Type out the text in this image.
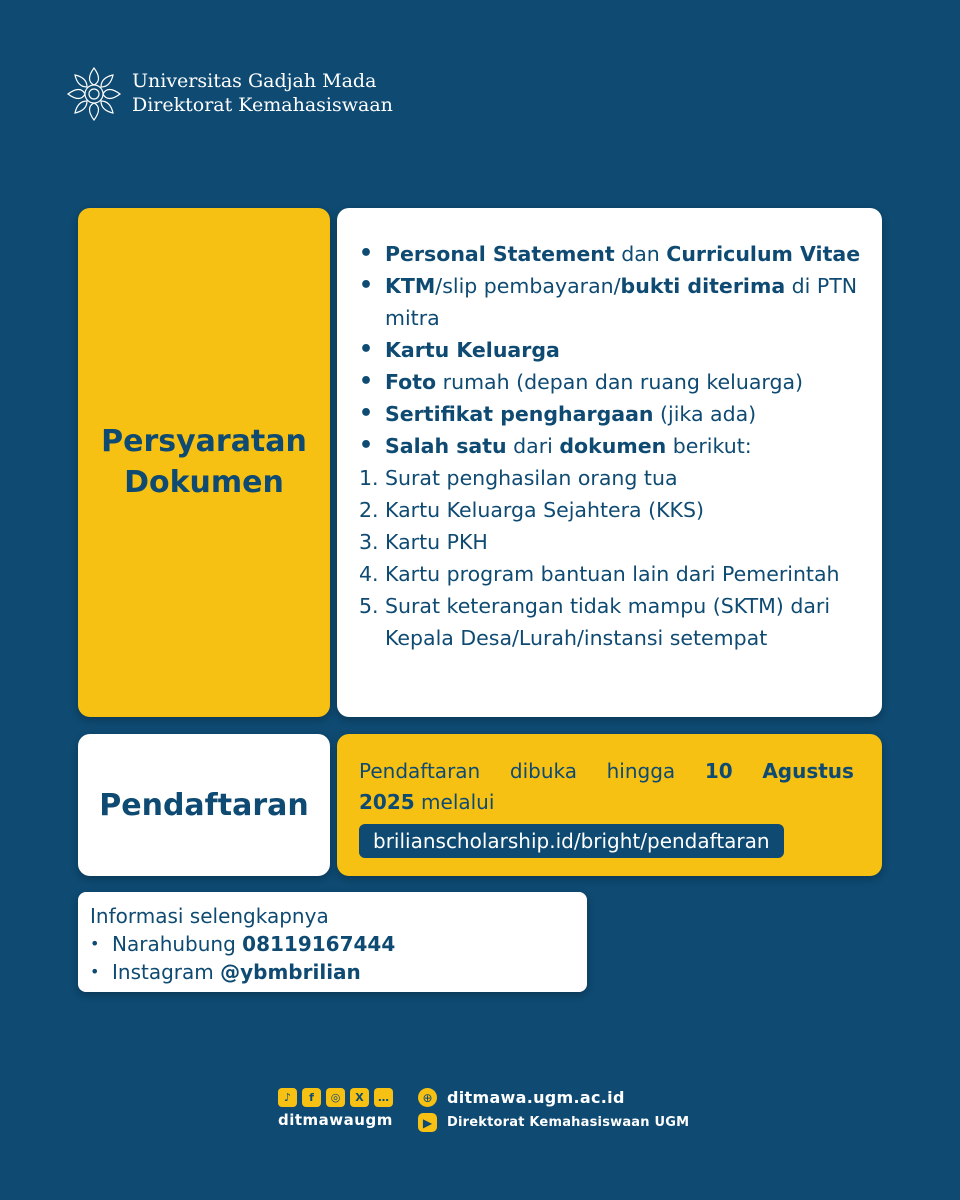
Universitas Gadjah Mada
Direktorat Kemahasiswaan
Persyaratan
Dokumen
• Personal Statement dan Curriculum Vitae
• KTM/slip pembayaran/bukti diterima di PTN mitra
• Kartu Keluarga
• Foto rumah (depan dan ruang keluarga)
• Sertifikat penghargaan (jika ada)
• Salah satu dari dokumen berikut:
1. Surat penghasilan orang tua
2. Kartu Keluarga Sejahtera (KKS)
3. Kartu PKH
4. Kartu program bantuan lain dari Pemerintah
5. Surat keterangan tidak mampu (SKTM) dari Kepala Desa/Lurah/instansi setempat
Pendaftaran
Pendaftaran dibuka hingga 10 Agustus
2025 melalui
brilianscholarship.id/bright/pendaftaran
Informasi selengkapnya
• Narahubung 08119167444
• Instagram @ybmbrilian
♪	f	◎	X	…
ditmawaugm
⊕ ditmawa.ugm.ac.id
▶	Direktorat Kemahasiswaan UGM
